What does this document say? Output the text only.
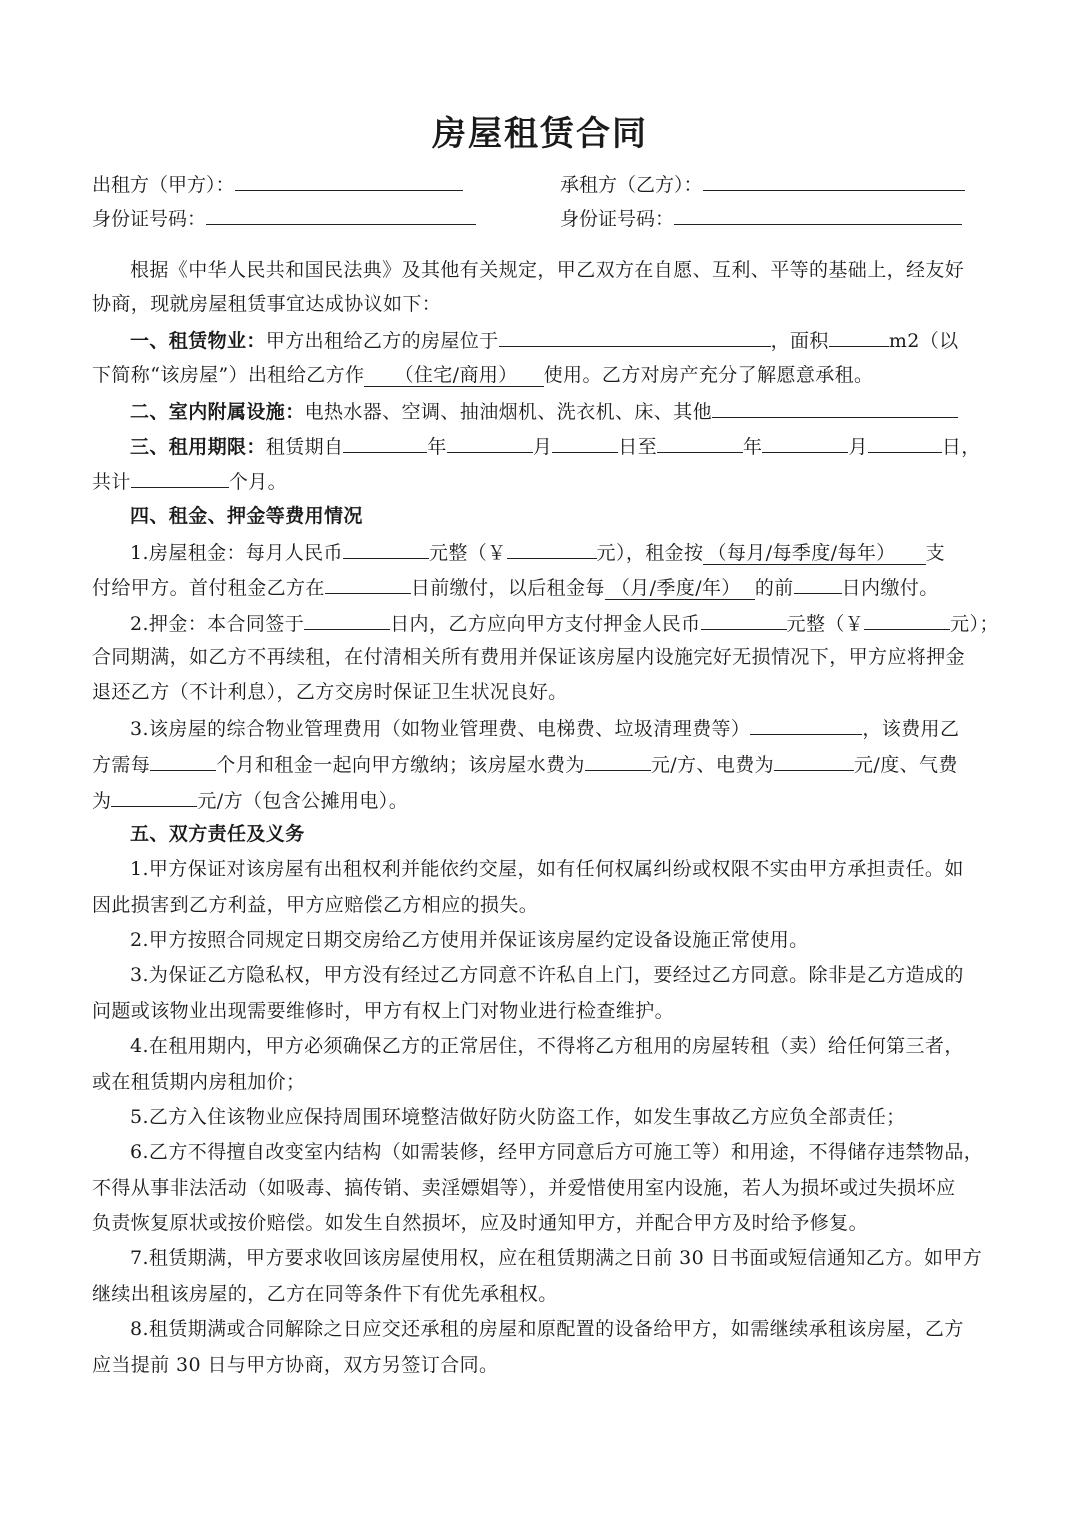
房屋租赁合同
出租方（甲方）：	承租方（乙方）：
身份证号码：	身份证号码：
根据《中华人民共和国民法典》及其他有关规定，甲乙双方在自愿、互利、平等的基础上，经友好
协商，现就房屋租赁事宜达成协议如下：
一、租赁物业：甲方出租给乙方的房屋位于	，面积	m2（以
下简称“该房屋”）出租给乙方作 （住宅/商用） 使用。乙方对房产充分了解愿意承租。
二、室内附属设施：电热水器、空调、抽油烟机、洗衣机、床、其他
三、租用期限：租赁期自	年	月	日至	年	月	日，
共计	个月。
四、租金、押金等费用情况
1.房屋租金：每月人民币	元整（￥	元），租金按 （每月/每季度/每年） 支
付给甲方。首付租金乙方在	日前缴付，以后租金每 （月/季度/年） 的前	日内缴付。
2.押金：本合同签于	日内，乙方应向甲方支付押金人民币	元整（￥	元）；
合同期满，如乙方不再续租，在付清相关所有费用并保证该房屋内设施完好无损情况下，甲方应将押金
退还乙方（不计利息），乙方交房时保证卫生状况良好。
3.该房屋的综合物业管理费用（如物业管理费、电梯费、垃圾清理费等）	，该费用乙
方需每	个月和租金一起向甲方缴纳；该房屋水费为	元/方、电费为	元/度、气费
为	元/方（包含公摊用电）。
五、双方责任及义务
1.甲方保证对该房屋有出租权利并能依约交屋，如有任何权属纠纷或权限不实由甲方承担责任。如
因此损害到乙方利益，甲方应赔偿乙方相应的损失。
2.甲方按照合同规定日期交房给乙方使用并保证该房屋约定设备设施正常使用。
3.为保证乙方隐私权，甲方没有经过乙方同意不许私自上门，要经过乙方同意。除非是乙方造成的
问题或该物业出现需要维修时，甲方有权上门对物业进行检查维护。
4.在租用期内，甲方必须确保乙方的正常居住，不得将乙方租用的房屋转租（卖）给任何第三者，
或在租赁期内房租加价；
5.乙方入住该物业应保持周围环境整洁做好防火防盗工作，如发生事故乙方应负全部责任；
6.乙方不得擅自改变室内结构（如需装修，经甲方同意后方可施工等）和用途，不得储存违禁物品，
不得从事非法活动（如吸毒、搞传销、卖淫嫖娼等），并爱惜使用室内设施，若人为损坏或过失损坏应
负责恢复原状或按价赔偿。如发生自然损坏，应及时通知甲方，并配合甲方及时给予修复。
7.租赁期满，甲方要求收回该房屋使用权，应在租赁期满之日前 30 日书面或短信通知乙方。如甲方
继续出租该房屋的，乙方在同等条件下有优先承租权。
8.租赁期满或合同解除之日应交还承租的房屋和原配置的设备给甲方，如需继续承租该房屋，乙方
应当提前 30 日与甲方协商，双方另签订合同。
